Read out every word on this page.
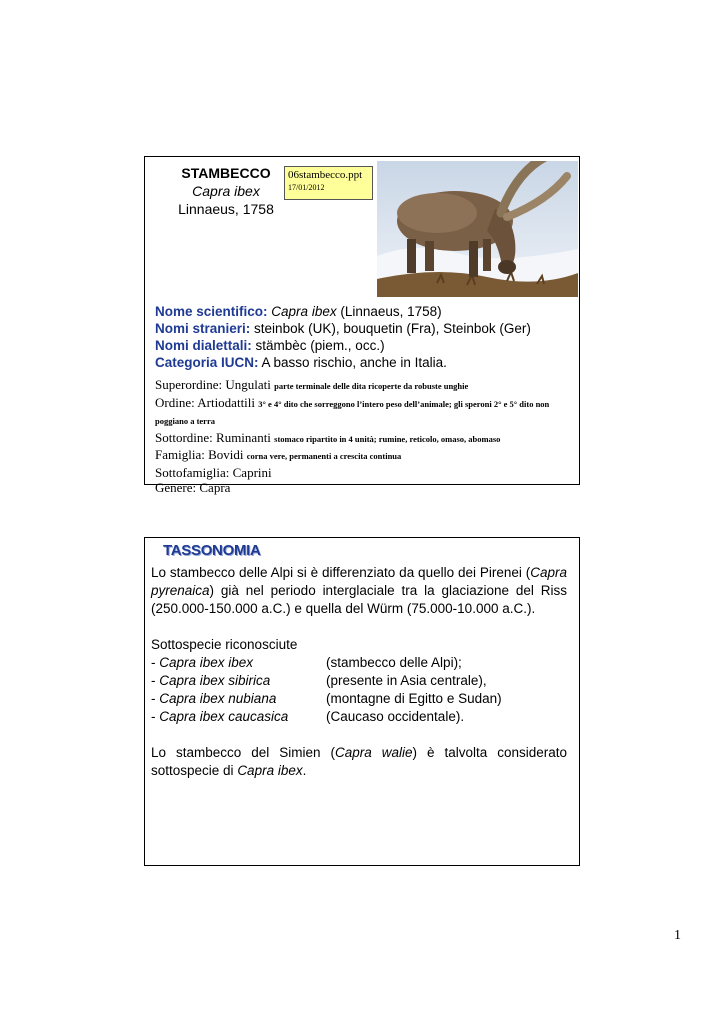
STAMBECCO
Capra ibex
Linnaeus, 1758
06stambecco.ppt
17/01/2012
Nome scientifico: Capra ibex (Linnaeus, 1758)
Nomi stranieri: steinbok (UK), bouquetin (Fra), Steinbok (Ger)
Nomi dialettali: stämbèc (piem., occ.)
Categoria IUCN: A basso rischio, anche in Italia.
Superordine: Ungulati parte terminale delle dita ricoperte da robuste unghie
Ordine: Artiodattili 3° e 4° dito che sorreggono l’intero peso dell’animale; gli speroni 2° e 5° dito non poggiano a terra
Sottordine: Ruminanti stomaco ripartito in 4 unità; rumine, reticolo, omaso, abomaso
Famiglia: Bovidi corna vere, permanenti a crescita continua
Sottofamiglia: Caprini
Genere: Capra
TASSONOMIA

Lo stambecco delle Alpi si è differenziato da quello dei Pirenei (Capra pyrenaica) già nel periodo interglaciale tra la glaciazione del Riss (250.000-150.000 a.C.) e quella del Würm (75.000-10.000 a.C.).

Sottospecie riconosciute

- Capra ibex ibex	(stambecco delle Alpi);
- Capra ibex sibirica	(presente in Asia centrale),
- Capra ibex nubiana	(montagne di Egitto e Sudan)
- Capra ibex caucasica	(Caucaso occidentale).

Lo stambecco del Simien (Capra walie) è talvolta considerato sottospecie di Capra ibex.

1
